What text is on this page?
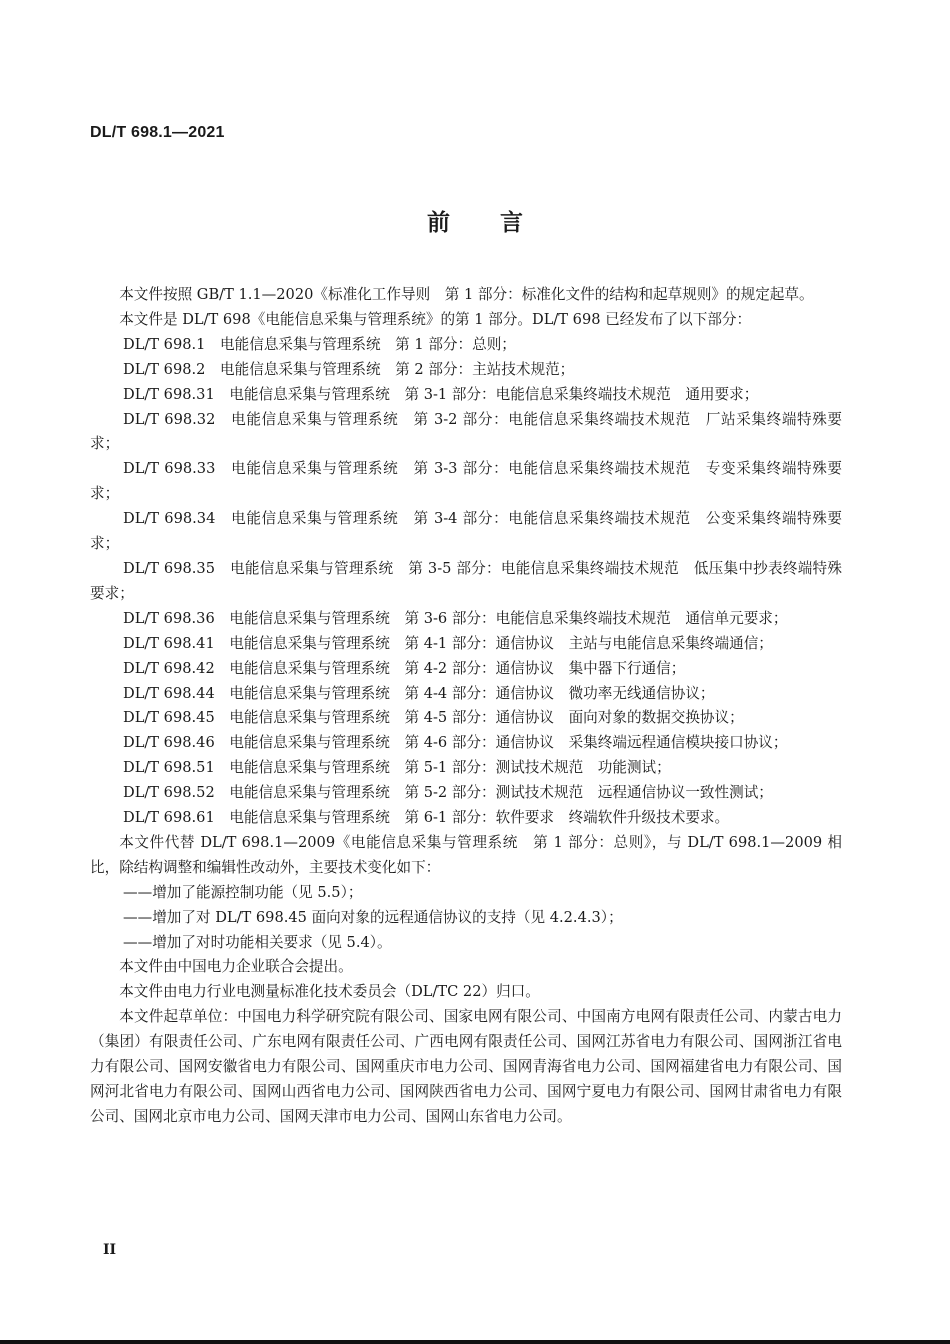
DL/T 698.1—2021
前言

本文件按照 GB/T 1.1—2020《标准化工作导则　第 1 部分：标准化文件的结构和起草规则》的规定起草。

本文件是 DL/T 698《电能信息采集与管理系统》的第 1 部分。DL/T 698 已经发布了以下部分：

DL/T 698.1　电能信息采集与管理系统　第 1 部分：总则；

DL/T 698.2　电能信息采集与管理系统　第 2 部分：主站技术规范；

DL/T 698.31　电能信息采集与管理系统　第 3-1 部分：电能信息采集终端技术规范　通用要求；

DL/T 698.32　电能信息采集与管理系统　第 3-2 部分：电能信息采集终端技术规范　厂站采集终端特殊要求；

DL/T 698.33　电能信息采集与管理系统　第 3-3 部分：电能信息采集终端技术规范　专变采集终端特殊要求；

DL/T 698.34　电能信息采集与管理系统　第 3-4 部分：电能信息采集终端技术规范　公变采集终端特殊要求；

DL/T 698.35　电能信息采集与管理系统　第 3-5 部分：电能信息采集终端技术规范　低压集中抄表终端特殊要求；

DL/T 698.36　电能信息采集与管理系统　第 3-6 部分：电能信息采集终端技术规范　通信单元要求；

DL/T 698.41　电能信息采集与管理系统　第 4-1 部分：通信协议　主站与电能信息采集终端通信；

DL/T 698.42　电能信息采集与管理系统　第 4-2 部分：通信协议　集中器下行通信；

DL/T 698.44　电能信息采集与管理系统　第 4-4 部分：通信协议　微功率无线通信协议；

DL/T 698.45　电能信息采集与管理系统　第 4-5 部分：通信协议　面向对象的数据交换协议；

DL/T 698.46　电能信息采集与管理系统　第 4-6 部分：通信协议　采集终端远程通信模块接口协议；

DL/T 698.51　电能信息采集与管理系统　第 5-1 部分：测试技术规范　功能测试；

DL/T 698.52　电能信息采集与管理系统　第 5-2 部分：测试技术规范　远程通信协议一致性测试；

DL/T 698.61　电能信息采集与管理系统　第 6-1 部分：软件要求　终端软件升级技术要求。

本文件代替 DL/T 698.1—2009《电能信息采集与管理系统　第 1 部分：总则》，与 DL/T 698.1—2009 相比，除结构调整和编辑性改动外，主要技术变化如下：

——增加了能源控制功能（见 5.5）；

——增加了对 DL/T 698.45 面向对象的远程通信协议的支持（见 4.2.4.3）；

——增加了对时功能相关要求（见 5.4）。

本文件由中国电力企业联合会提出。

本文件由电力行业电测量标准化技术委员会（DL/TC 22）归口。

本文件起草单位：中国电力科学研究院有限公司、国家电网有限公司、中国南方电网有限责任公司、内蒙古电力（集团）有限责任公司、广东电网有限责任公司、广西电网有限责任公司、国网江苏省电力有限公司、国网浙江省电力有限公司、国网安徽省电力有限公司、国网重庆市电力公司、国网青海省电力公司、国网福建省电力有限公司、国网河北省电力有限公司、国网山西省电力公司、国网陕西省电力公司、国网宁夏电力有限公司、国网甘肃省电力有限公司、国网北京市电力公司、国网天津市电力公司、国网山东省电力公司。

II
